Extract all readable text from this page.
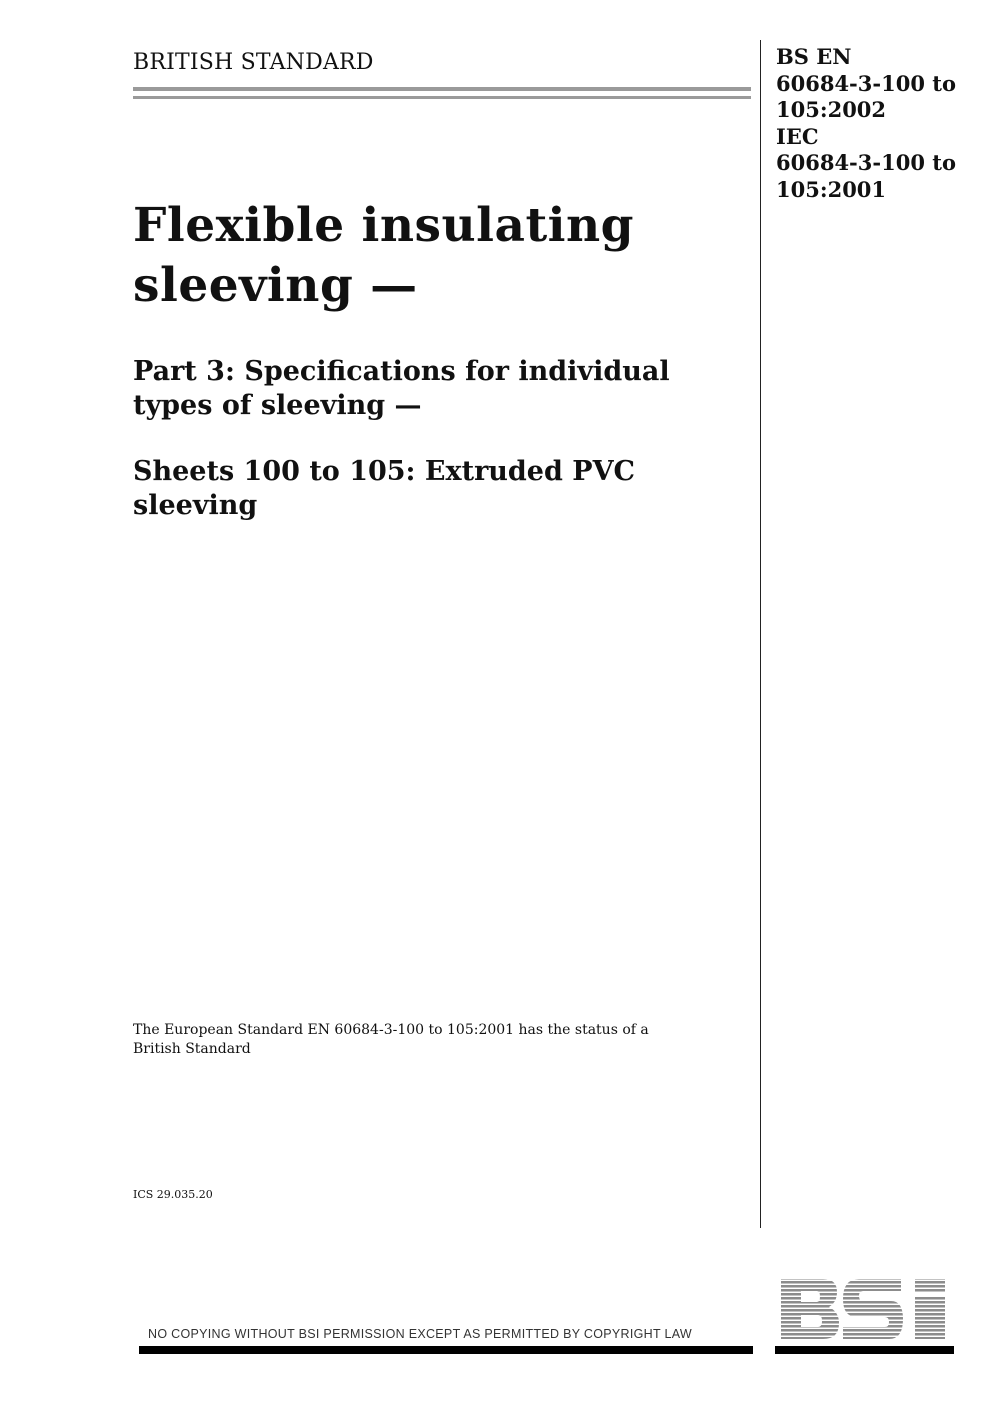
BRITISH STANDARD	BS EN
60684-3-100 to
105:2002
IEC
60684-3-100 to
105:2001
Flexible insulating
sleeving —
Part 3: Specifications for individual
types of sleeving —
Sheets 100 to 105: Extruded PVC
sleeving
The European Standard EN 60684-3-100 to 105:2001 has the status of a
British Standard
ICS 29.035.20
NO COPYING WITHOUT BSI PERMISSION EXCEPT AS PERMITTED BY COPYRIGHT LAW
